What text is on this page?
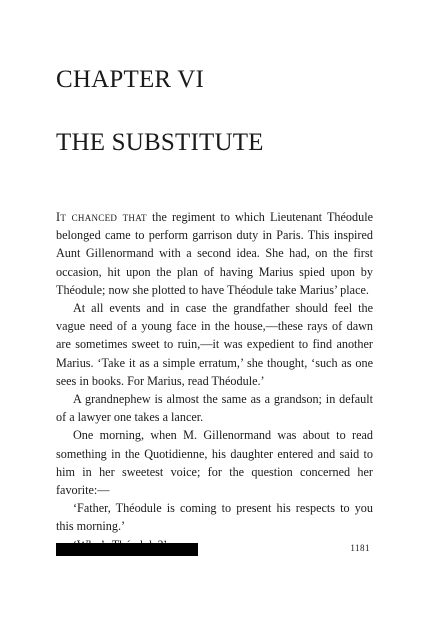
CHAPTER VI
THE SUBSTITUTE

It chanced that the regiment to which Lieutenant Théodule belonged came to perform garrison duty in Paris. This inspired Aunt Gillenormand with a second idea. She had, on the first occasion, hit upon the plan of having Marius spied upon by Théodule; now she plotted to have Théodule take Marius’ place.

At all events and in case the grandfather should feel the vague need of a young face in the house,—these rays of dawn are sometimes sweet to ruin,—it was expedient to find another Marius. ‘Take it as a simple erratum,’ she thought, ‘such as one sees in books. For Marius, read Théodule.’

A grandnephew is almost the same as a grandson; in default of a lawyer one takes a lancer.

One morning, when M. Gillenormand was about to read something in the Quotidienne, his daughter entered and said to him in her sweetest voice; for the question concerned her favorite:—

‘Father, Théodule is coming to present his respects to you this morning.’

1181
